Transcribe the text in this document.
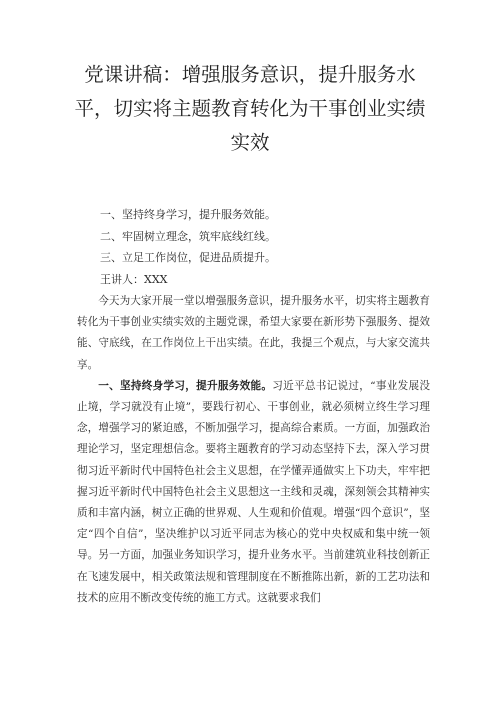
党课讲稿：增强服务意识，提升服务水
平，切实将主题教育转化为干事创业实绩
实效
一、坚持终身学习，提升服务效能。
二、牢固树立理念，筑牢底线红线。
三、立足工作岗位，促进品质提升。
王讲人：XXX

今天为大家开展一堂以增强服务意识，提升服务水平，切实将主题教育转化为干事创业实绩实效的主题党课，希望大家要在新形势下强服务、提效能、守底线，在工作岗位上干出实绩。在此，我提三个观点，与大家交流共享。

一、坚持终身学习，提升服务效能。习近平总书记说过，“事业发展没止境，学习就没有止境”，要践行初心、干事创业，就必须树立终生学习理念，增强学习的紧迫感，不断加强学习，提高综合素质。一方面，加强政治理论学习，坚定理想信念。要将主题教育的学习动态坚持下去，深入学习贯彻习近平新时代中国特色社会主义思想，在学懂弄通做实上下功夫，牢牢把握习近平新时代中国特色社会主义思想这一主线和灵魂，深刻领会其精神实质和丰富内涵，树立正确的世界观、人生观和价值观。增强“四个意识”，坚定“四个自信”，坚决维护以习近平同志为核心的党中央权威和集中统一领导。另一方面，加强业务知识学习，提升业务水平。当前建筑业科技创新正在飞速发展中，相关政策法规和管理制度在不断推陈出新，新的工艺功法和技术的应用不断改变传统的施工方式。这就要求我们
